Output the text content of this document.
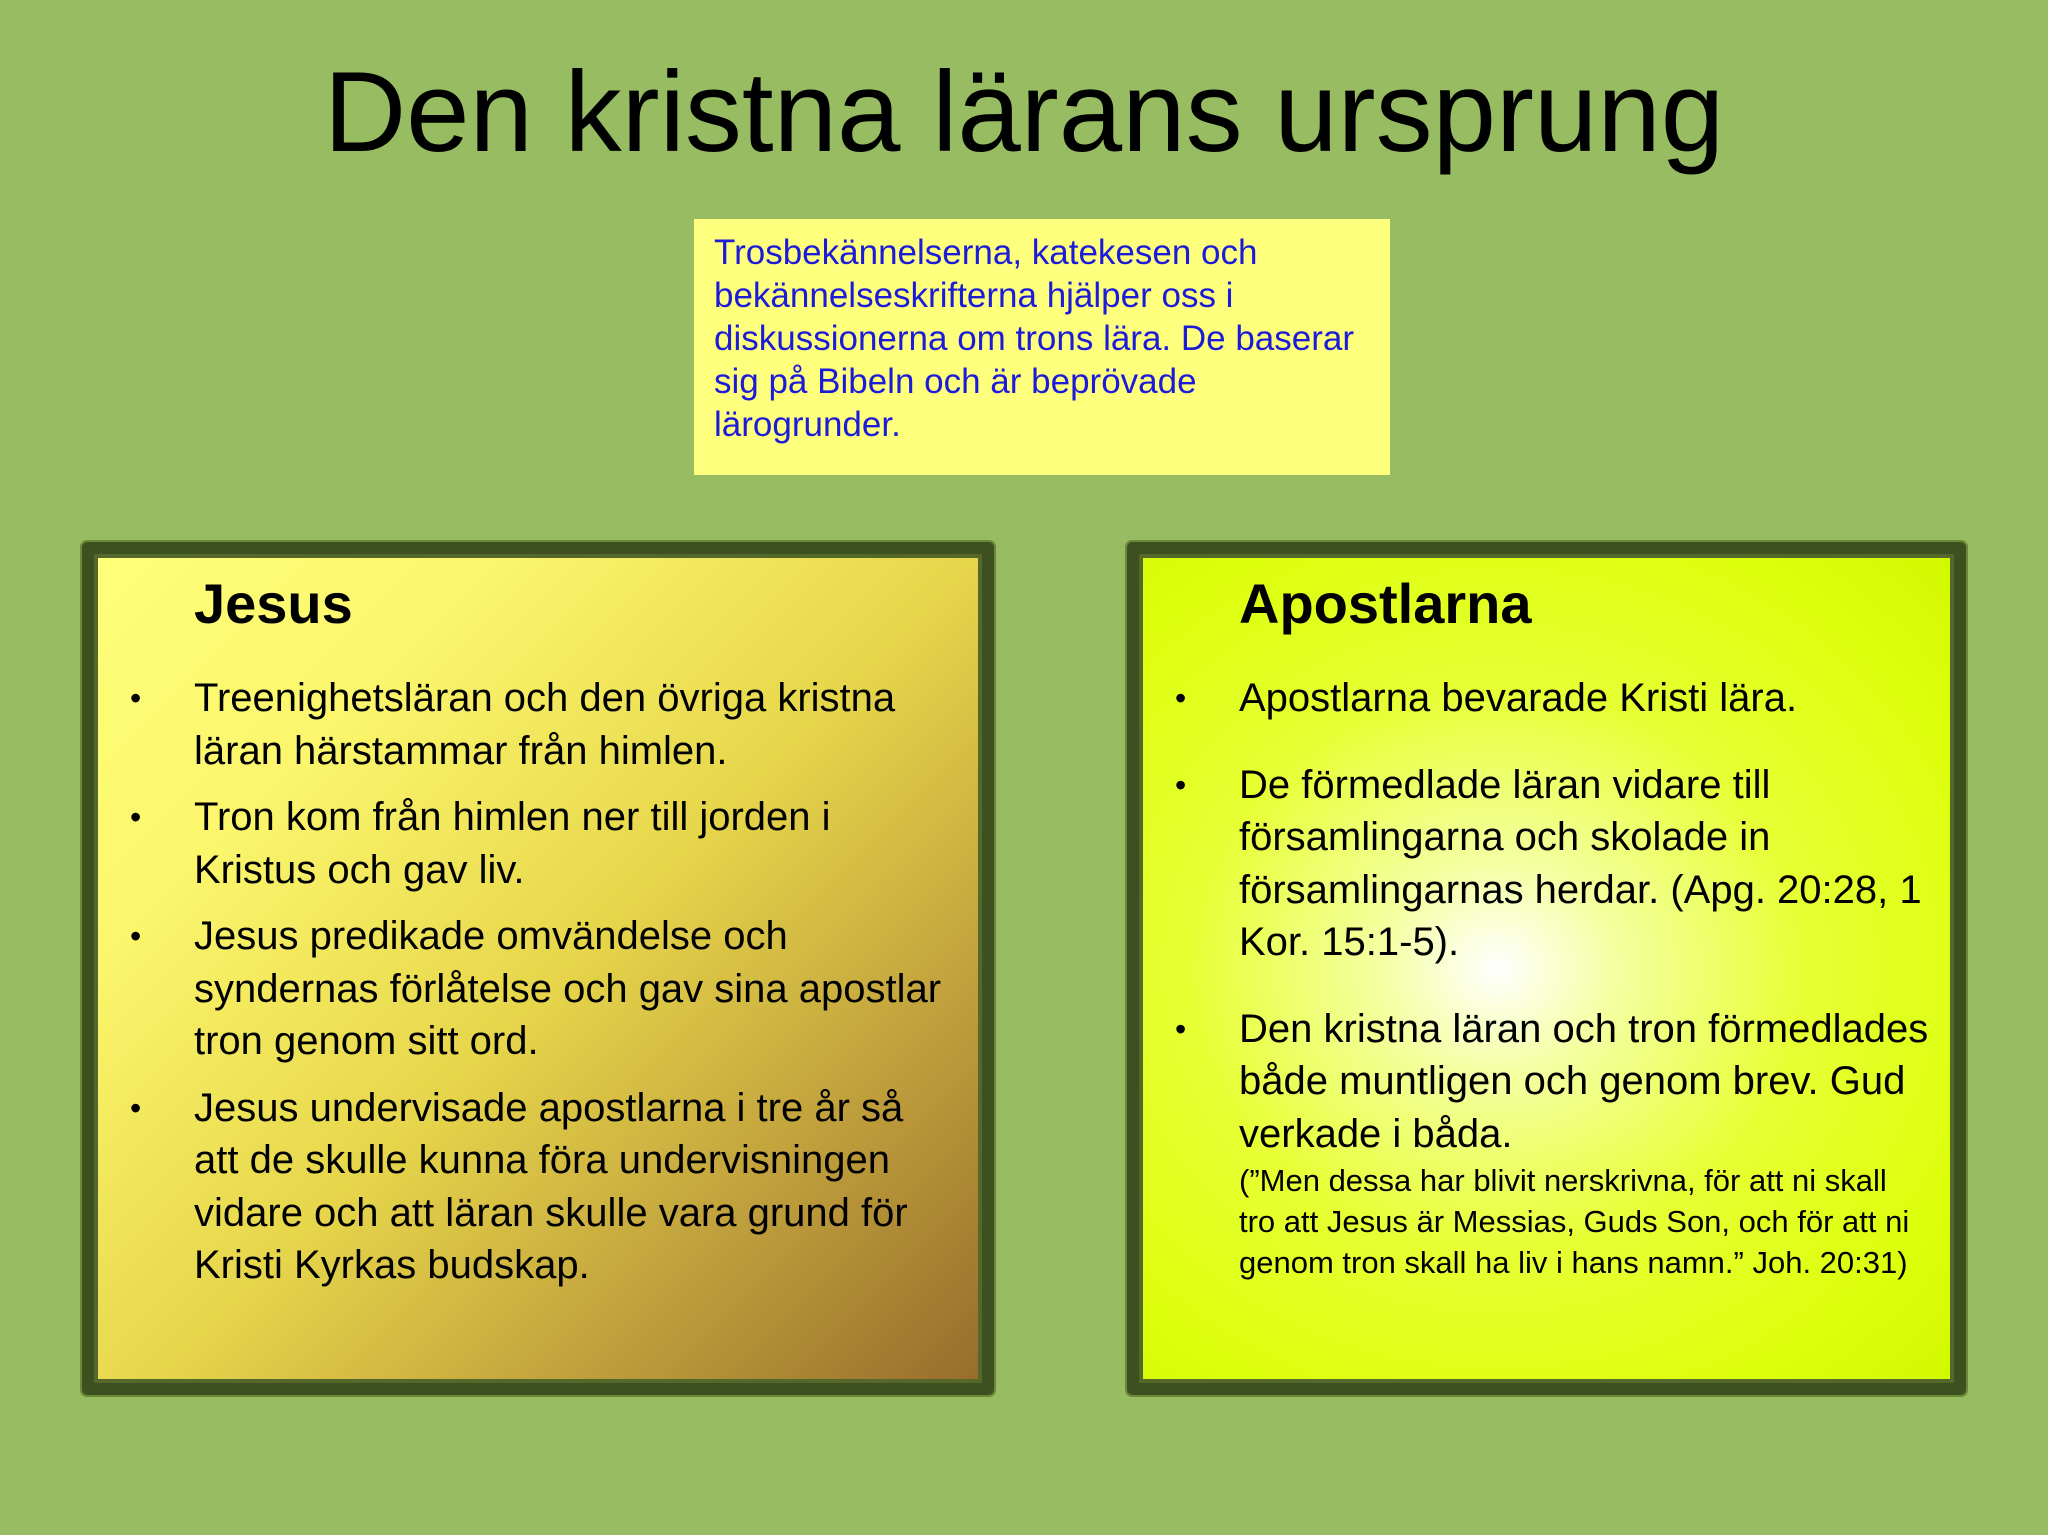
Den kristna lärans ursprung
Trosbekännelserna, katekesen och bekännelseskrifterna hjälper oss i diskussionerna om trons lära. De baserar sig på Bibeln och är beprövade lärogrunder.
Jesus
• Treenighetsläran och den övriga kristna läran härstammar från himlen.
• Tron kom från himlen ner till jorden i Kristus och gav liv.
• Jesus predikade omvändelse och syndernas förlåtelse och gav sina apostlar tron genom sitt ord.
• Jesus undervisade apostlarna i tre år så att de skulle kunna föra undervisningen vidare och att läran skulle vara grund för Kristi Kyrkas budskap.
Apostlarna
• Apostlarna bevarade Kristi lära.
• De förmedlade läran vidare till församlingarna och skolade in församlingarnas herdar. (Apg. 20:28, 1 Kor. 15:1-5).
• Den kristna läran och tron förmedlades både muntligen och genom brev. Gud verkade i båda.
(”Men dessa har blivit nerskrivna, för att ni skall tro att Jesus är Messias, Guds Son, och för att ni genom tron skall ha liv i hans namn.” Joh. 20:31)
